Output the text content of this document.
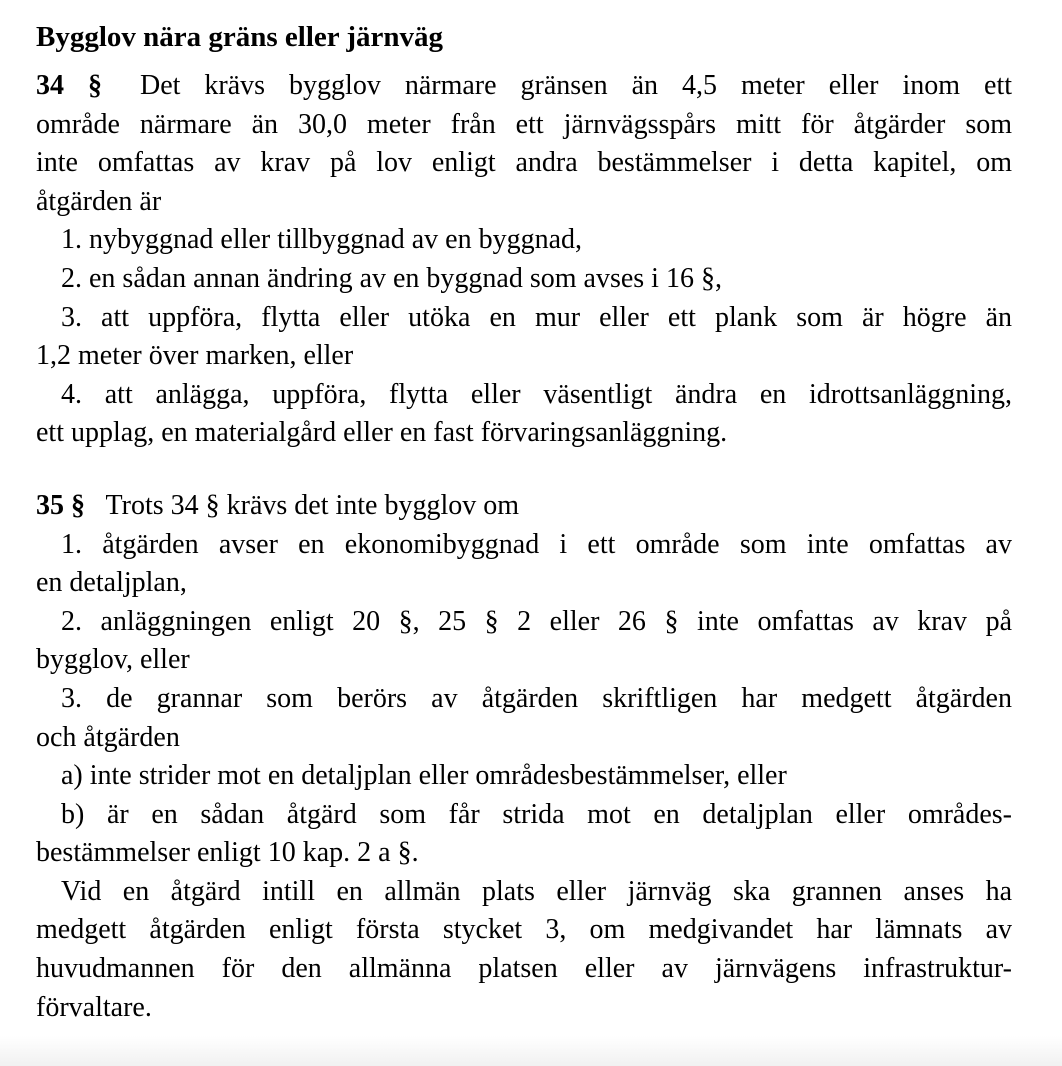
Bygglov nära gräns eller järnväg
34 § Det krävs bygglov närmare gränsen än 4,5 meter eller inom ett
område närmare än 30,0 meter från ett järnvägsspårs mitt för åtgärder som
inte omfattas av krav på lov enligt andra bestämmelser i detta kapitel, om
åtgärden är
1. nybyggnad eller tillbyggnad av en byggnad,
2. en sådan annan ändring av en byggnad som avses i 16 §,
3. att uppföra, flytta eller utöka en mur eller ett plank som är högre än
1,2 meter över marken, eller
4. att anlägga, uppföra, flytta eller väsentligt ändra en idrottsanläggning,
ett upplag, en materialgård eller en fast förvaringsanläggning.
35 § Trots 34 § krävs det inte bygglov om
1. åtgärden avser en ekonomibyggnad i ett område som inte omfattas av
en detaljplan,
2. anläggningen enligt 20 §, 25 § 2 eller 26 § inte omfattas av krav på
bygglov, eller
3. de grannar som berörs av åtgärden skriftligen har medgett åtgärden
och åtgärden
a) inte strider mot en detaljplan eller områdesbestämmelser, eller
b) är en sådan åtgärd som får strida mot en detaljplan eller områdes-
bestämmelser enligt 10 kap. 2 a §.
Vid en åtgärd intill en allmän plats eller järnväg ska grannen anses ha
medgett åtgärden enligt första stycket 3, om medgivandet har lämnats av
huvudmannen för den allmänna platsen eller av järnvägens infrastruktur-
förvaltare.
